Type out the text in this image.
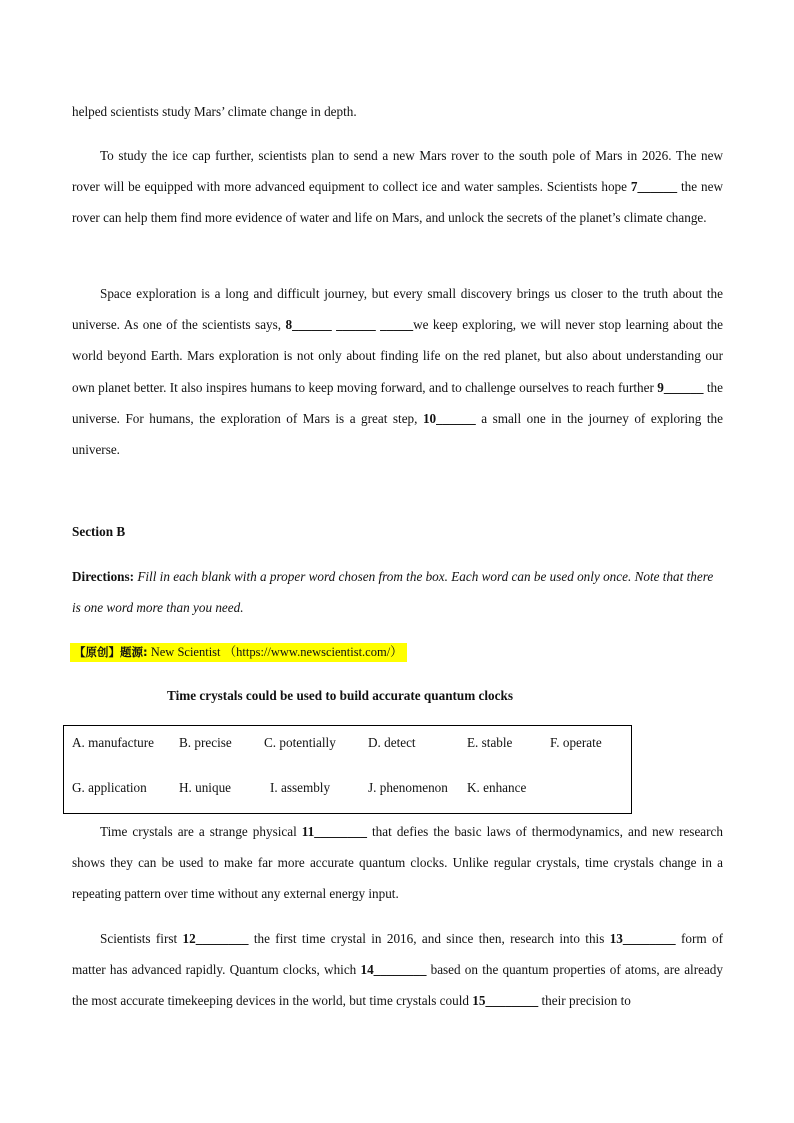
helped scientists study Mars’ climate change in depth.

To study the ice cap further, scientists plan to send a new Mars rover to the south pole of Mars in 2026. The new rover will be equipped with more advanced equipment to collect ice and water samples. Scientists hope 7______ the new rover can help them find more evidence of water and life on Mars, and unlock the secrets of the planet’s climate change.

Space exploration is a long and difficult journey, but every small discovery brings us closer to the truth about the universe. As one of the scientists says, 8______ ______ _____we keep exploring, we will never stop learning about the world beyond Earth. Mars exploration is not only about finding life on the red planet, but also about understanding our own planet better. It also inspires humans to keep moving forward, and to challenge ourselves to reach further 9______ the universe. For humans, the exploration of Mars is a great step, 10______ a small one in the journey of exploring the universe.

Section B

Directions: Fill in each blank with a proper word chosen from the box. Each word can be used only once. Note that there is one word more than you need.

【原创】题源: New Scientist （https://www.newscientist.com/）

Time crystals could be used to build accurate quantum clocks

A. manufacture B. precise C. potentially D. detect	E. stable	F. operate
G. application H. unique	I. assembly	J. phenomenon K. enhance

Time crystals are a strange physical 11________ that defies the basic laws of thermodynamics, and new research shows they can be used to make far more accurate quantum clocks. Unlike regular crystals, time crystals change in a repeating pattern over time without any external energy input.

Scientists first 12________ the first time crystal in 2016, and since then, research into this 13________ form of matter has advanced rapidly. Quantum clocks, which 14________ based on the quantum properties of atoms, are already the most accurate timekeeping devices in the world, but time crystals could 15________ their precision to
